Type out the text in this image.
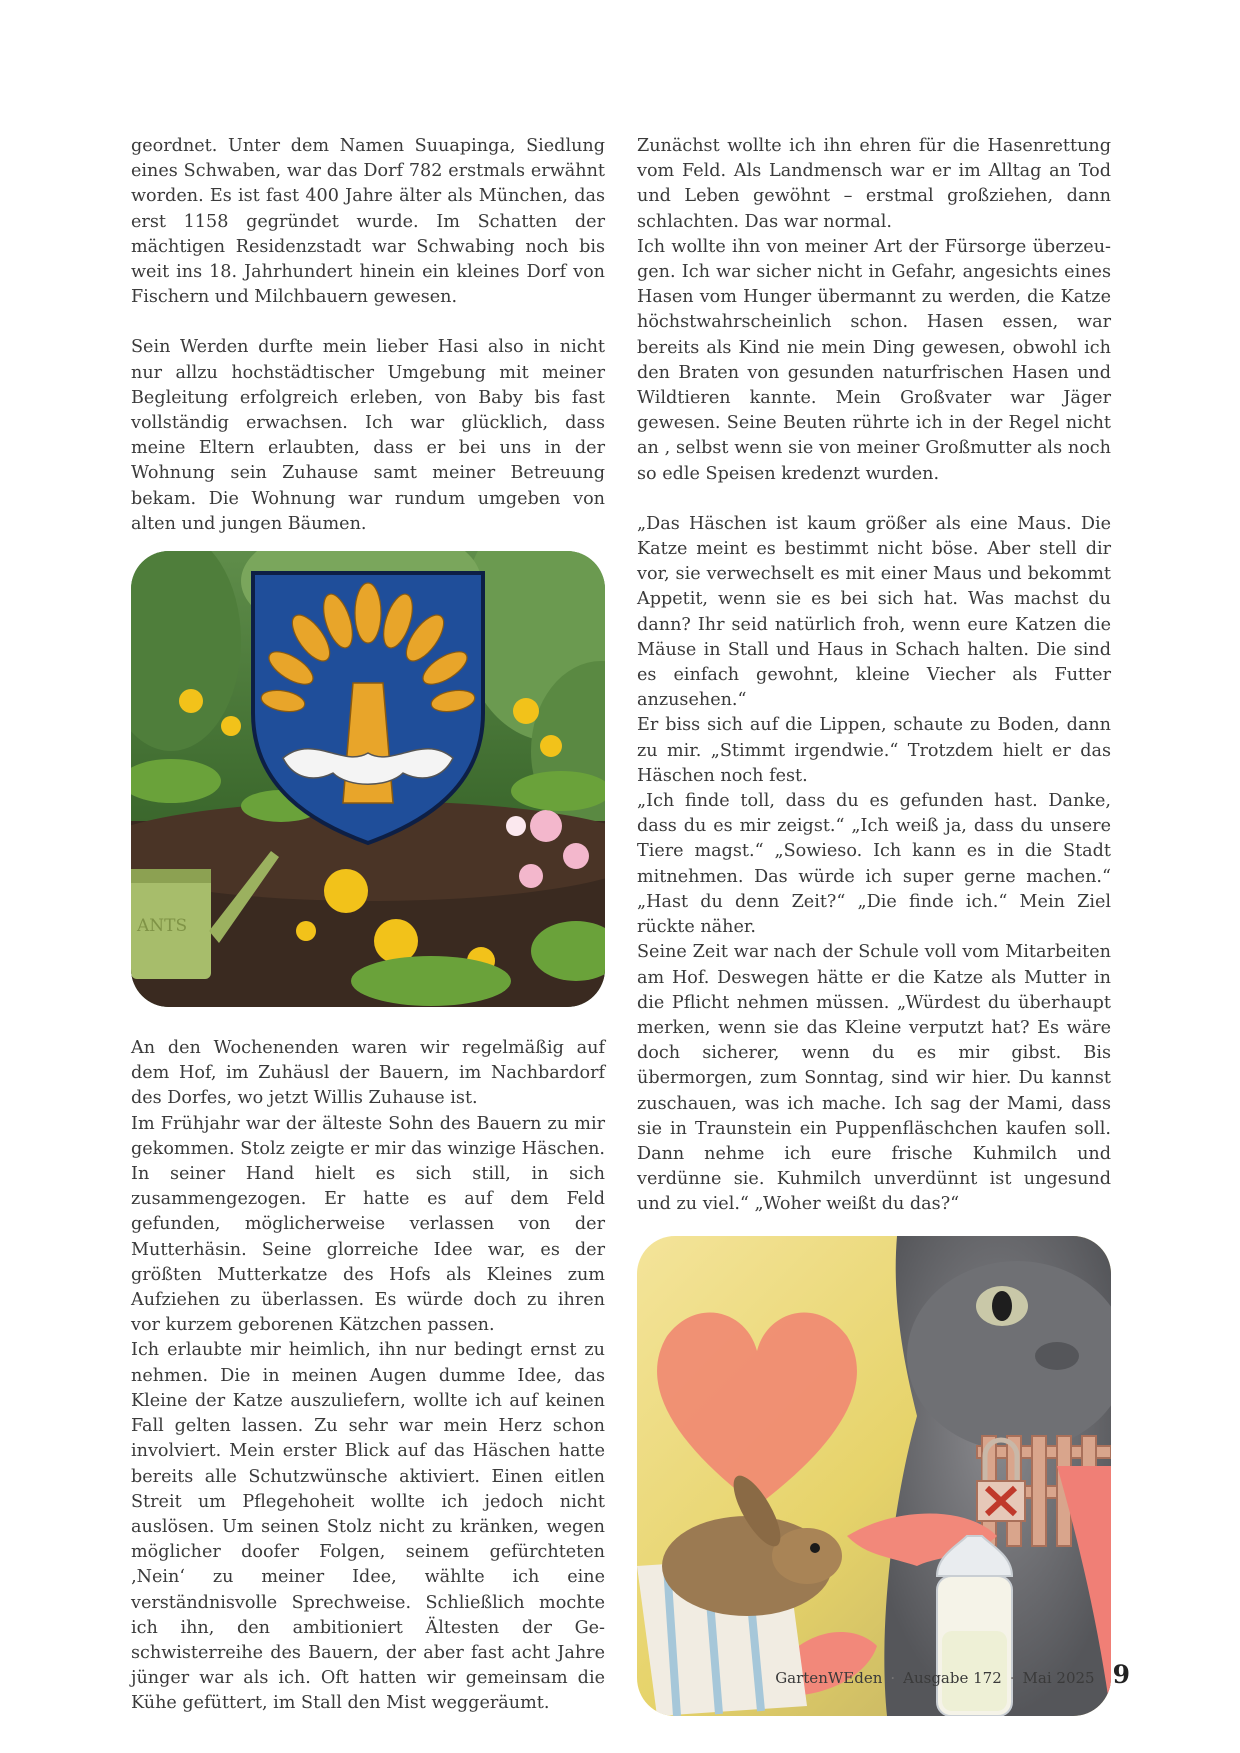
geordnet. Unter dem Namen Suuapinga, Siedlung eines Schwaben, war das Dorf 782 erstmals erwähnt worden. Es ist fast 400 Jahre älter als München, das erst 1158 gegründet wurde. Im Schatten der mächtigen Residenzstadt war Schwabing noch bis weit ins 18. Jahrhundert hinein ein kleines Dorf von Fischern und Milchbauern gewesen.

Sein Werden durfte mein lieber Hasi also in nicht nur allzu hochstädtischer Umgebung mit meiner Begleitung erfolgreich erleben, von Baby bis fast vollständig erwachsen. Ich war glücklich, dass meine Eltern erlaubten, dass er bei uns in der Wohnung sein Zuhause samt meiner Betreuung bekam. Die Wohnung war rundum umgeben von alten und jungen Bäumen.

ANTS

An den Wochenenden waren wir regelmäßig auf dem Hof, im Zuhäusl der Bauern, im Nachbardorf des Dorfes, wo jetzt Willis Zuhause ist.

Im Frühjahr war der älteste Sohn des Bauern zu mir gekommen. Stolz zeigte er mir das winzige Häschen. In seiner Hand hielt es sich still, in sich zusammengezogen. Er hatte es auf dem Feld gefunden, möglicherweise verlassen von der Mutterhäsin. Seine glorreiche Idee war, es der größten Mutterkatze des Hofs als Kleines zum Aufziehen zu überlassen. Es würde doch zu ihren vor kurzem geborenen Kätzchen passen.

Ich erlaubte mir heimlich, ihn nur bedingt ernst zu nehmen. Die in meinen Augen dumme Idee, das Kleine der Katze auszuliefern, wollte ich auf keinen Fall gelten lassen. Zu sehr war mein Herz schon involviert. Mein erster Blick auf das Häschen hatte bereits alle Schutzwünsche aktiviert. Einen eitlen Streit um Pflegehoheit wollte ich jedoch nicht auslösen. Um seinen Stolz nicht zu kränken, wegen möglicher doofer Folgen, seinem gefürchteten ‚Nein‘ zu meiner Idee, wählte ich eine verständnisvolle Sprechweise. Schließlich mochte ich ihn, den ambitioniert Ältesten der Geschwisterreihe des Bauern, der aber fast acht Jahre jünger war als ich. Oft hatten wir gemeinsam die Kühe gefüttert, im Stall den Mist weggeräumt.

Zunächst wollte ich ihn ehren für die Hasenrettung vom Feld. Als Landmensch war er im Alltag an Tod und Leben gewöhnt – erstmal großziehen, dann schlachten. Das war normal.

Ich wollte ihn von meiner Art der Fürsorge überzeugen. Ich war sicher nicht in Gefahr, angesichts eines Hasen vom Hunger übermannt zu werden, die Katze höchstwahrscheinlich schon. Hasen essen, war bereits als Kind nie mein Ding gewesen, obwohl ich den Braten von gesunden naturfrischen Hasen und Wildtieren kannte. Mein Großvater war Jäger gewesen. Seine Beuten rührte ich in der Regel nicht an , selbst wenn sie von meiner Großmutter als noch so edle Speisen kredenzt wurden.

„Das Häschen ist kaum größer als eine Maus. Die Katze meint es bestimmt nicht böse. Aber stell dir vor, sie verwechselt es mit einer Maus und bekommt Appetit, wenn sie es bei sich hat. Was machst du dann? Ihr seid natürlich froh, wenn eure Katzen die Mäuse in Stall und Haus in Schach halten. Die sind es einfach gewohnt, kleine Viecher als Futter anzusehen.“

Er biss sich auf die Lippen, schaute zu Boden, dann zu mir. „Stimmt irgendwie.“ Trotzdem hielt er das Häschen noch fest.

„Ich finde toll, dass du es gefunden hast. Danke, dass du es mir zeigst.“ „Ich weiß ja, dass du unsere Tiere magst.“ „Sowieso. Ich kann es in die Stadt mitnehmen. Das würde ich super gerne machen.“ „Hast du denn Zeit?“ „Die finde ich.“ Mein Ziel rückte näher.

Seine Zeit war nach der Schule voll vom Mitarbeiten am Hof. Deswegen hätte er die Katze als Mutter in die Pflicht nehmen müssen. „Würdest du überhaupt merken, wenn sie das Kleine verputzt hat? Es wäre doch sicherer, wenn du es mir gibst. Bis übermorgen, zum Sonntag, sind wir hier. Du kannst zuschauen, was ich mache. Ich sag der Mami, dass sie in Traunstein ein Puppenfläschchen kaufen soll. Dann nehme ich eure frische Kuhmilch und verdünne sie. Kuhmilch unverdünnt ist ungesund und zu viel.“ „Woher weißt du das?“

GartenWEden · Ausgabe 172 · Mai 2025 9
